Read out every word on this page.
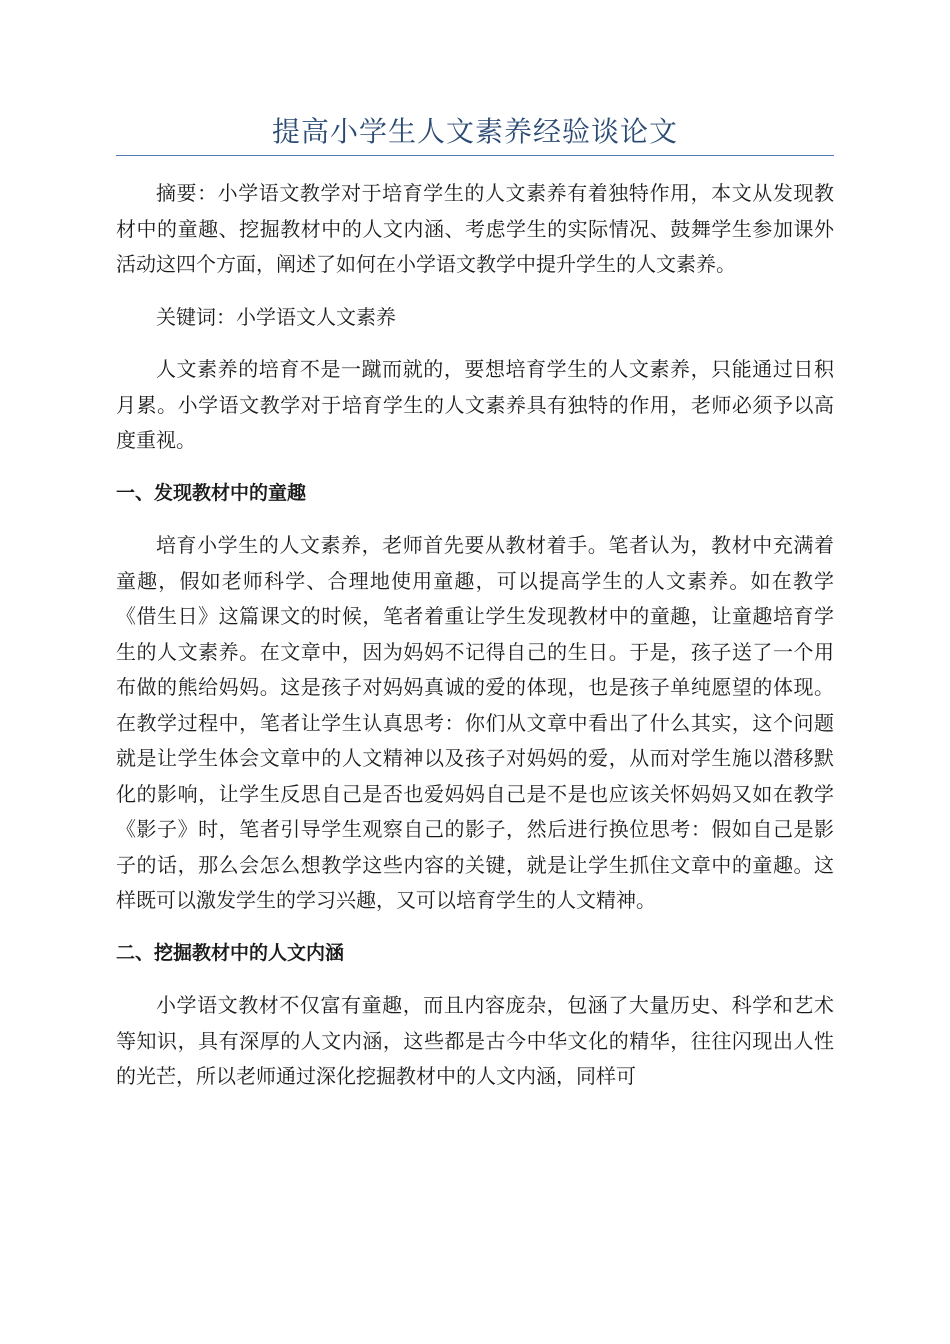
提高小学生人文素养经验谈论文

摘要：小学语文教学对于培育学生的人文素养有着独特作用，本文从发现教材中的童趣、挖掘教材中的人文内涵、考虑学生的实际情况、鼓舞学生参加课外活动这四个方面，阐述了如何在小学语文教学中提升学生的人文素养。

关键词：小学语文人文素养

人文素养的培育不是一蹴而就的，要想培育学生的人文素养，只能通过日积月累。小学语文教学对于培育学生的人文素养具有独特的作用，老师必须予以高度重视。

一、发现教材中的童趣

培育小学生的人文素养，老师首先要从教材着手。笔者认为，教材中充满着童趣，假如老师科学、合理地使用童趣，可以提高学生的人文素养。如在教学《借生日》这篇课文的时候，笔者着重让学生发现教材中的童趣，让童趣培育学生的人文素养。在文章中，因为妈妈不记得自己的生日。于是，孩子送了一个用布做的熊给妈妈。这是孩子对妈妈真诚的爱的体现，也是孩子单纯愿望的体现。在教学过程中，笔者让学生认真思考：你们从文章中看出了什么其实，这个问题就是让学生体会文章中的人文精神以及孩子对妈妈的爱，从而对学生施以潜移默化的影响，让学生反思自己是否也爱妈妈自己是不是也应该关怀妈妈又如在教学《影子》时，笔者引导学生观察自己的影子，然后进行换位思考：假如自己是影子的话，那么会怎么想教学这些内容的关键，就是让学生抓住文章中的童趣。这样既可以激发学生的学习兴趣，又可以培育学生的人文精神。

二、挖掘教材中的人文内涵

小学语文教材不仅富有童趣，而且内容庞杂，包涵了大量历史、科学和艺术等知识，具有深厚的人文内涵，这些都是古今中华文化的精华，往往闪现出人性的光芒，所以老师通过深化挖掘教材中的人文内涵，同样可
